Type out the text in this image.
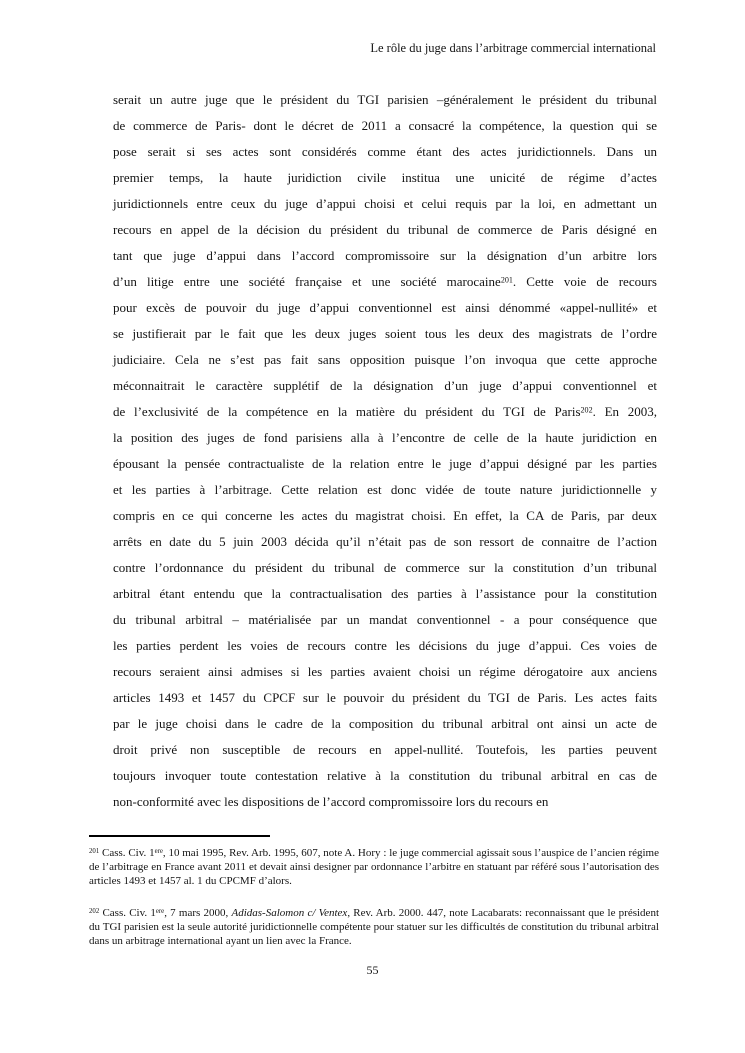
Le rôle du juge dans l’arbitrage commercial international
serait un autre juge que le président du TGI parisien –généralement le président du tribunal
de commerce de Paris- dont le décret de 2011 a consacré la compétence, la question qui se
pose serait si ses actes sont considérés comme étant des actes juridictionnels. Dans un
premier temps, la haute juridiction civile institua une unicité de régime d’actes
juridictionnels entre ceux du juge d’appui choisi et celui requis par la loi, en admettant un
recours en appel de la décision du président du tribunal de commerce de Paris désigné en
tant que juge d’appui dans l’accord compromissoire sur la désignation d’un arbitre lors
d’un litige entre une société française et une société marocaine$^{201}$. Cette voie de recours
pour excès de pouvoir du juge d’appui conventionnel est ainsi dénommé «appel-nullité» et
se justifierait par le fait que les deux juges soient tous les deux des magistrats de l’ordre
judiciaire. Cela ne s’est pas fait sans opposition puisque l’on invoqua que cette approche
méconnaitrait le caractère supplétif de la désignation d’un juge d’appui conventionnel et
de l’exclusivité de la compétence en la matière du président du TGI de Paris$^{202}$. En 2003,
la position des juges de fond parisiens alla à l’encontre de celle de la haute juridiction en
épousant la pensée contractualiste de la relation entre le juge d’appui désigné par les parties
et les parties à l’arbitrage. Cette relation est donc vidée de toute nature juridictionnelle y
compris en ce qui concerne les actes du magistrat choisi. En effet, la CA de Paris, par deux
arrêts en date du 5 juin 2003 décida qu’il n’était pas de son ressort de connaitre de l’action
contre l’ordonnance du président du tribunal de commerce sur la constitution d’un tribunal
arbitral étant entendu que la contractualisation des parties à l’assistance pour la constitution
du tribunal arbitral – matérialisée par un mandat conventionnel - a pour conséquence que
les parties perdent les voies de recours contre les décisions du juge d’appui. Ces voies de
recours seraient ainsi admises si les parties avaient choisi un régime dérogatoire aux anciens
articles 1493 et 1457 du CPCF sur le pouvoir du président du TGI de Paris. Les actes faits
par le juge choisi dans le cadre de la composition du tribunal arbitral ont ainsi un acte de
droit privé non susceptible de recours en appel-nullité. Toutefois, les parties peuvent
toujours invoquer toute contestation relative à la constitution du tribunal arbitral en cas de
non-conformité avec les dispositions de l’accord compromissoire lors du recours en
$^{201}$ Cass. Civ. 1ere, 10 mai 1995, Rev. Arb. 1995, 607, note A. Hory : le juge commercial agissait sous l’auspice de l’ancien régime de l’arbitrage en France avant 2011 et devait ainsi designer par ordonnance l’arbitre en statuant par référé sous l’autorisation des articles 1493 et 1457 al. 1 du CPCMF d’alors.
$^{202}$ Cass. Civ. 1ere, 7 mars 2000, Adidas-Salomon c/ Ventex, Rev. Arb. 2000. 447, note Lacabarats: reconnaissant que le président du TGI parisien est la seule autorité juridictionnelle compétente pour statuer sur les difficultés de constitution du tribunal arbitral dans un arbitrage international ayant un lien avec la France.
55
